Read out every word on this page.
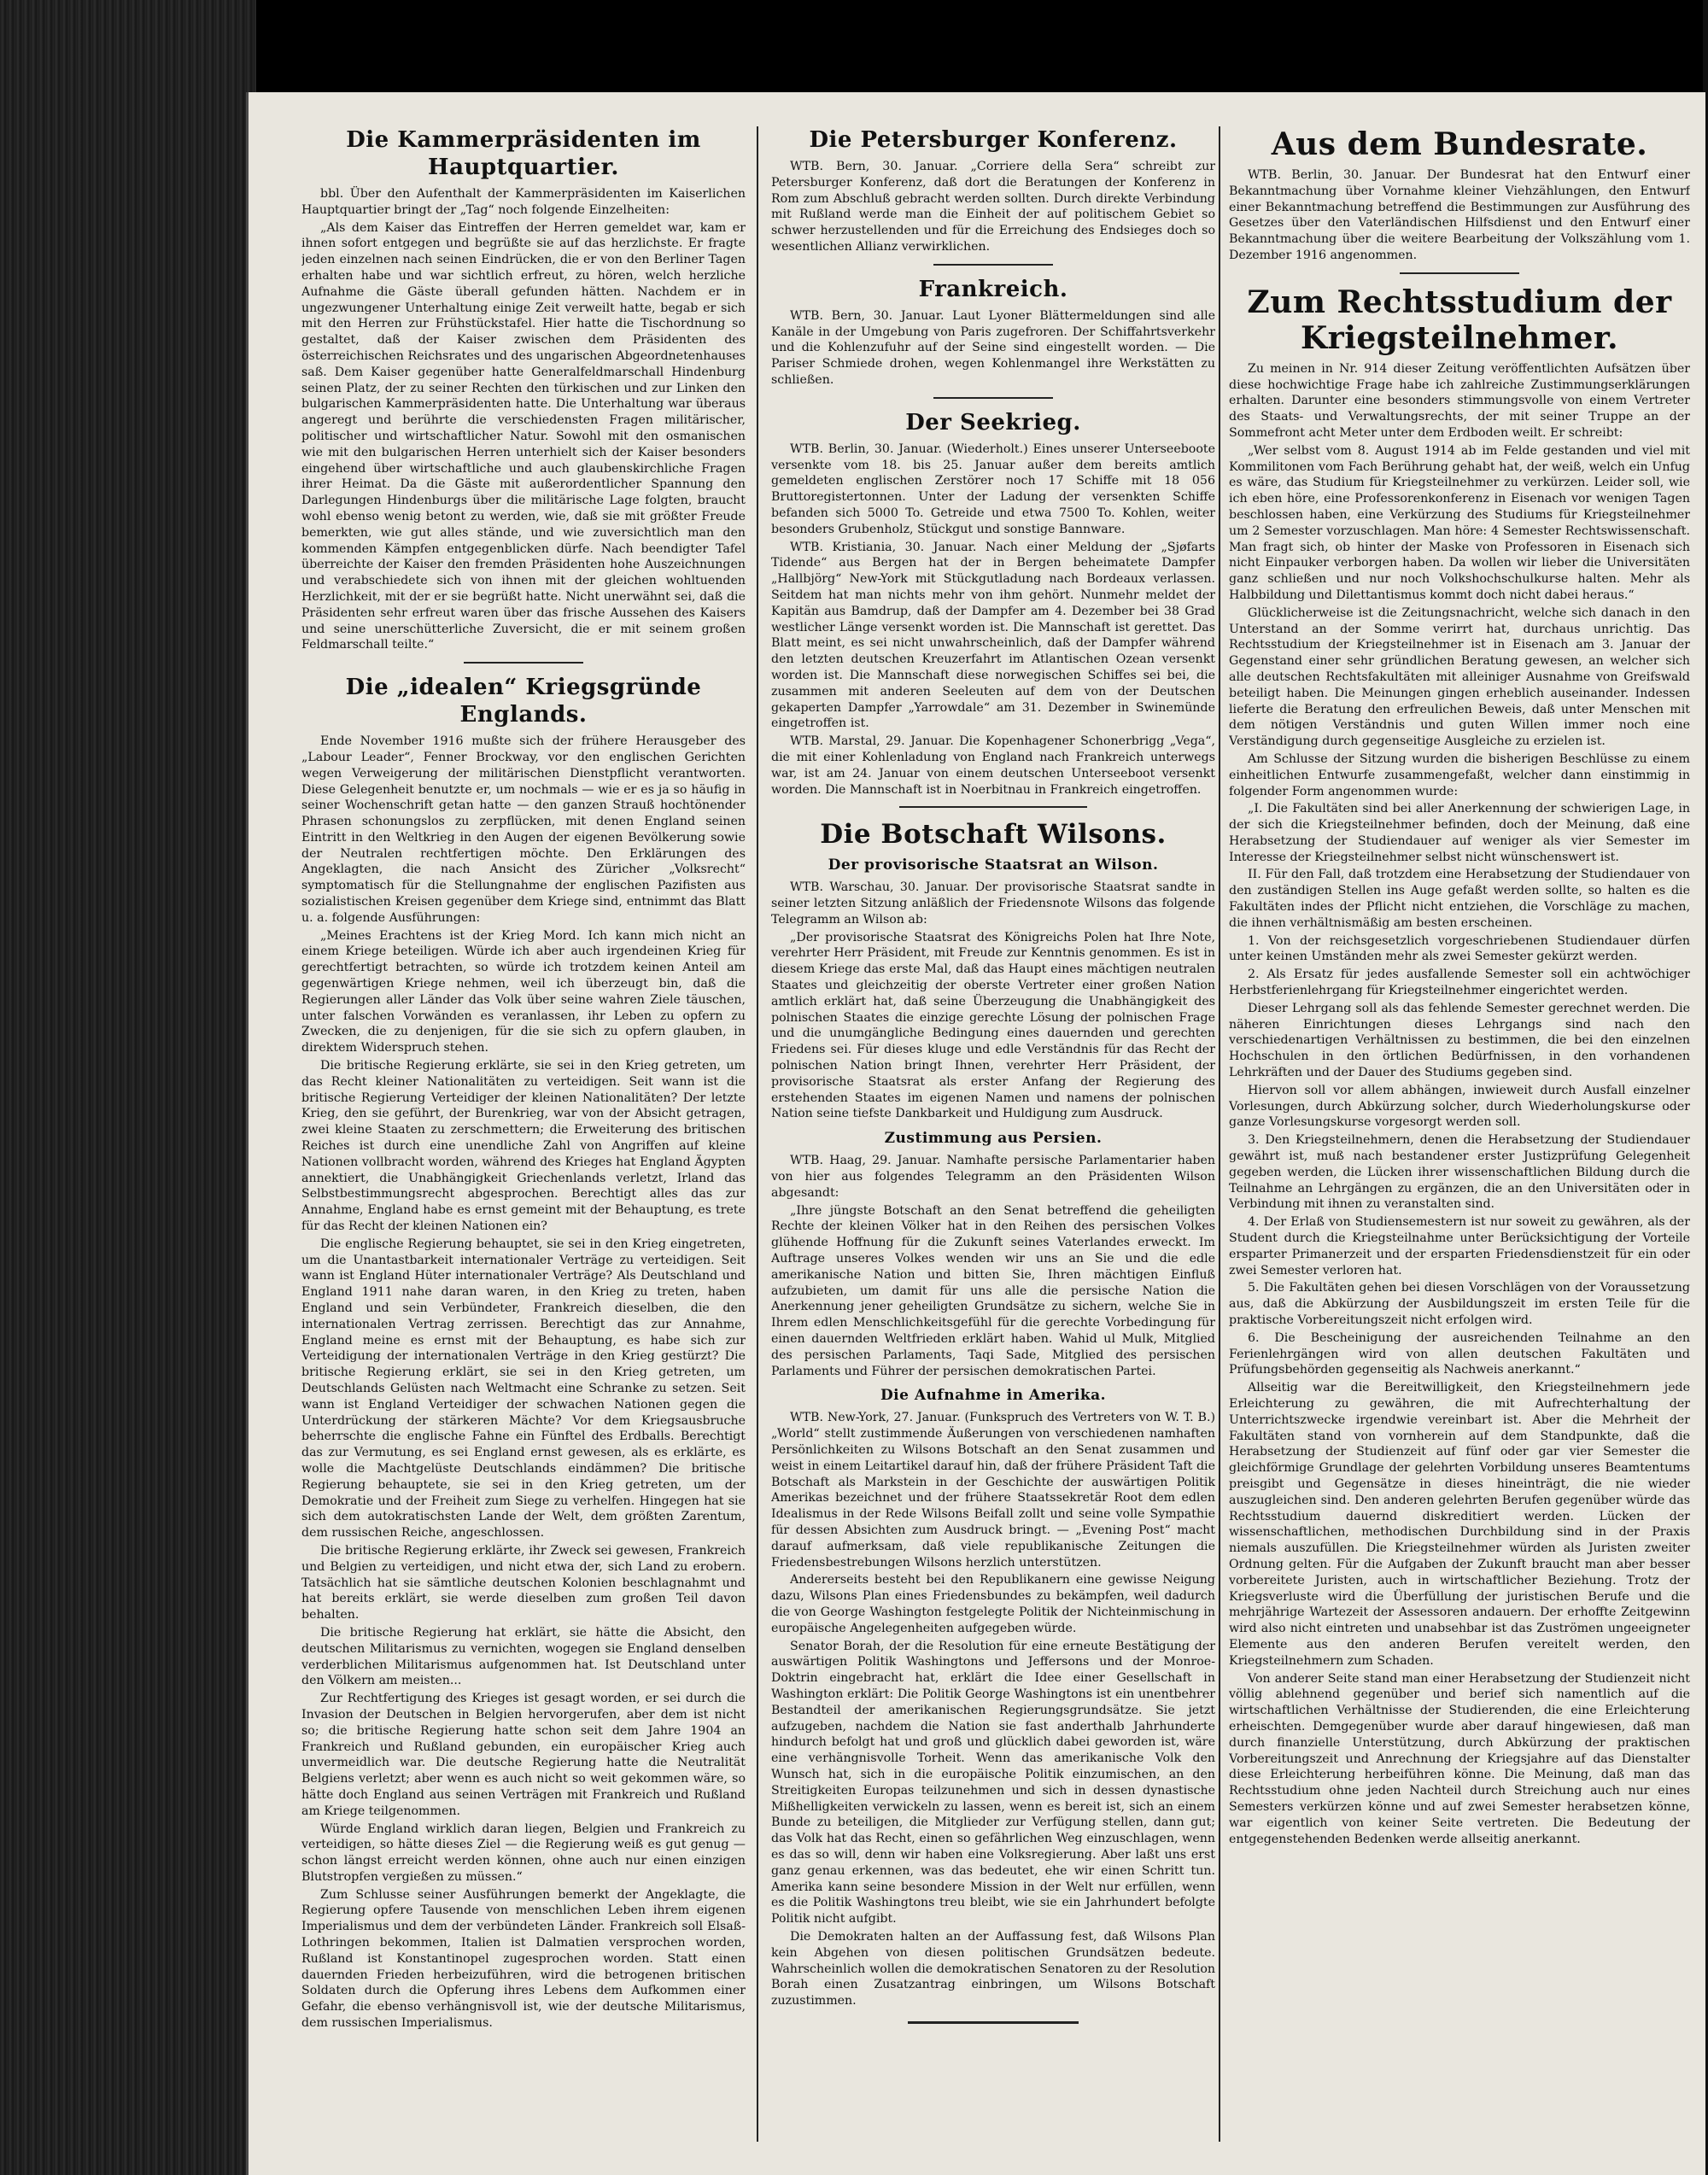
Die Kammerpräsidenten im Hauptquartier.

bbl. Über den Aufenthalt der Kammerpräsidenten im Kaiserlichen Hauptquartier bringt der „Tag“ noch folgende Einzelheiten:

„Als dem Kaiser das Eintreffen der Herren gemeldet war, kam er ihnen sofort entgegen und begrüßte sie auf das herzlichste. Er fragte jeden einzelnen nach seinen Eindrücken, die er von den Berliner Tagen erhalten habe und war sichtlich erfreut, zu hören, welch herzliche Aufnahme die Gäste überall gefunden hätten. Nachdem er in ungezwungener Unterhaltung einige Zeit verweilt hatte, begab er sich mit den Herren zur Frühstückstafel. Hier hatte die Tischordnung so gestaltet, daß der Kaiser zwischen dem Präsidenten des österreichischen Reichsrates und des ungarischen Abgeordnetenhauses saß. Dem Kaiser gegenüber hatte Generalfeldmarschall Hindenburg seinen Platz, der zu seiner Rechten den türkischen und zur Linken den bulgarischen Kammerpräsidenten hatte. Die Unterhaltung war überaus angeregt und berührte die verschiedensten Fragen militärischer, politischer und wirtschaftlicher Natur. Sowohl mit den osmanischen wie mit den bulgarischen Herren unterhielt sich der Kaiser besonders eingehend über wirtschaftliche und auch glaubenskirchliche Fragen ihrer Heimat. Da die Gäste mit außerordentlicher Spannung den Darlegungen Hindenburgs über die militärische Lage folgten, braucht wohl ebenso wenig betont zu werden, wie, daß sie mit größter Freude bemerkten, wie gut alles stände, und wie zuversichtlich man den kommenden Kämpfen entgegenblicken dürfe. Nach beendigter Tafel überreichte der Kaiser den fremden Präsidenten hohe Auszeichnungen und verabschiedete sich von ihnen mit der gleichen wohltuenden Herzlichkeit, mit der er sie begrüßt hatte. Nicht unerwähnt sei, daß die Präsidenten sehr erfreut waren über das frische Aussehen des Kaisers und seine unerschütterliche Zuversicht, die er mit seinem großen Feldmarschall teilte.“

Die „idealen“ Kriegsgründe Englands.

Ende November 1916 mußte sich der frühere Herausgeber des „Labour Leader“, Fenner Brockway, vor den englischen Gerichten wegen Verweigerung der militärischen Dienstpflicht verantworten. Diese Gelegenheit benutzte er, um nochmals — wie er es ja so häufig in seiner Wochenschrift getan hatte — den ganzen Strauß hochtönender Phrasen schonungslos zu zerpflücken, mit denen England seinen Eintritt in den Weltkrieg in den Augen der eigenen Bevölkerung sowie der Neutralen rechtfertigen möchte. Den Erklärungen des Angeklagten, die nach Ansicht des Züricher „Volksrecht“ symptomatisch für die Stellungnahme der englischen Pazifisten aus sozialistischen Kreisen gegenüber dem Kriege sind, entnimmt das Blatt u. a. folgende Ausführungen:

„Meines Erachtens ist der Krieg Mord. Ich kann mich nicht an einem Kriege beteiligen. Würde ich aber auch irgendeinen Krieg für gerechtfertigt betrachten, so würde ich trotzdem keinen Anteil am gegenwärtigen Kriege nehmen, weil ich überzeugt bin, daß die Regierungen aller Länder das Volk über seine wahren Ziele täuschen, unter falschen Vorwänden es veranlassen, ihr Leben zu opfern zu Zwecken, die zu denjenigen, für die sie sich zu opfern glauben, in direktem Widerspruch stehen.

Die britische Regierung erklärte, sie sei in den Krieg getreten, um das Recht kleiner Nationalitäten zu verteidigen. Seit wann ist die britische Regierung Verteidiger der kleinen Nationalitäten? Der letzte Krieg, den sie geführt, der Burenkrieg, war von der Absicht getragen, zwei kleine Staaten zu zerschmettern; die Erweiterung des britischen Reiches ist durch eine unendliche Zahl von Angriffen auf kleine Nationen vollbracht worden, während des Krieges hat England Ägypten annektiert, die Unabhängigkeit Griechenlands verletzt, Irland das Selbstbestimmungsrecht abgesprochen. Berechtigt alles das zur Annahme, England habe es ernst gemeint mit der Behauptung, es trete für das Recht der kleinen Nationen ein?

Die englische Regierung behauptet, sie sei in den Krieg eingetreten, um die Unantastbarkeit internationaler Verträge zu verteidigen. Seit wann ist England Hüter internationaler Verträge? Als Deutschland und England 1911 nahe daran waren, in den Krieg zu treten, haben England und sein Verbündeter, Frankreich dieselben, die den internationalen Vertrag zerrissen. Berechtigt das zur Annahme, England meine es ernst mit der Behauptung, es habe sich zur Verteidigung der internationalen Verträge in den Krieg gestürzt? Die britische Regierung erklärt, sie sei in den Krieg getreten, um Deutschlands Gelüsten nach Weltmacht eine Schranke zu setzen. Seit wann ist England Verteidiger der schwachen Nationen gegen die Unterdrückung der stärkeren Mächte? Vor dem Kriegsausbruche beherrschte die englische Fahne ein Fünftel des Erdballs. Berechtigt das zur Vermutung, es sei England ernst gewesen, als es erklärte, es wolle die Machtgelüste Deutschlands eindämmen? Die britische Regierung behauptete, sie sei in den Krieg getreten, um der Demokratie und der Freiheit zum Siege zu verhelfen. Hingegen hat sie sich dem autokratischsten Lande der Welt, dem größten Zarentum, dem russischen Reiche, angeschlossen.

Die britische Regierung erklärte, ihr Zweck sei gewesen, Frankreich und Belgien zu verteidigen, und nicht etwa der, sich Land zu erobern. Tatsächlich hat sie sämtliche deutschen Kolonien beschlagnahmt und hat bereits erklärt, sie werde dieselben zum großen Teil davon behalten.

Die britische Regierung hat erklärt, sie hätte die Absicht, den deutschen Militarismus zu vernichten, wogegen sie England denselben verderblichen Militarismus aufgenommen hat. Ist Deutschland unter den Völkern am meisten...

Zur Rechtfertigung des Krieges ist gesagt worden, er sei durch die Invasion der Deutschen in Belgien hervorgerufen, aber dem ist nicht so; die britische Regierung hatte schon seit dem Jahre 1904 an Frankreich und Rußland gebunden, ein europäischer Krieg auch unvermeidlich war. Die deutsche Regierung hatte die Neutralität Belgiens verletzt; aber wenn es auch nicht so weit gekommen wäre, so hätte doch England aus seinen Verträgen mit Frankreich und Rußland am Kriege teilgenommen.

Würde England wirklich daran liegen, Belgien und Frankreich zu verteidigen, so hätte dieses Ziel — die Regierung weiß es gut genug — schon längst erreicht werden können, ohne auch nur einen einzigen Blutstropfen vergießen zu müssen.“

Zum Schlusse seiner Ausführungen bemerkt der Angeklagte, die Regierung opfere Tausende von menschlichen Leben ihrem eigenen Imperialismus und dem der verbündeten Länder. Frankreich soll Elsaß-Lothringen bekommen, Italien ist Dalmatien versprochen worden, Rußland ist Konstantinopel zugesprochen worden. Statt einen dauernden Frieden herbeizuführen, wird die betrogenen britischen Soldaten durch die Opferung ihres Lebens dem Aufkommen einer Gefahr, die ebenso verhängnisvoll ist, wie der deutsche Militarismus, dem russischen Imperialismus.

Die Petersburger Konferenz.

WTB. Bern, 30. Januar. „Corriere della Sera“ schreibt zur Petersburger Konferenz, daß dort die Beratungen der Konferenz in Rom zum Abschluß gebracht werden sollten. Durch direkte Verbindung mit Rußland werde man die Einheit der auf politischem Gebiet so schwer herzustellenden und für die Erreichung des Endsieges doch so wesentlichen Allianz verwirklichen.

Frankreich.

WTB. Bern, 30. Januar. Laut Lyoner Blättermeldungen sind alle Kanäle in der Umgebung von Paris zugefroren. Der Schiffahrtsverkehr und die Kohlenzufuhr auf der Seine sind eingestellt worden. — Die Pariser Schmiede drohen, wegen Kohlenmangel ihre Werkstätten zu schließen.

Der Seekrieg.

WTB. Berlin, 30. Januar. (Wiederholt.) Eines unserer Unterseeboote versenkte vom 18. bis 25. Januar außer dem bereits amtlich gemeldeten englischen Zerstörer noch 17 Schiffe mit 18 056 Bruttoregistertonnen. Unter der Ladung der versenkten Schiffe befanden sich 5000 To. Getreide und etwa 7500 To. Kohlen, weiter besonders Grubenholz, Stückgut und sonstige Bannware.

WTB. Kristiania, 30. Januar. Nach einer Meldung der „Sjøfarts Tidende“ aus Bergen hat der in Bergen beheimatete Dampfer „Hallbjörg“ New-York mit Stückgutladung nach Bordeaux verlassen. Seitdem hat man nichts mehr von ihm gehört. Nunmehr meldet der Kapitän aus Bamdrup, daß der Dampfer am 4. Dezember bei 38 Grad westlicher Länge versenkt worden ist. Die Mannschaft ist gerettet. Das Blatt meint, es sei nicht unwahrscheinlich, daß der Dampfer während den letzten deutschen Kreuzerfahrt im Atlantischen Ozean versenkt worden ist. Die Mannschaft diese norwegischen Schiffes sei bei, die zusammen mit anderen Seeleuten auf dem von der Deutschen gekaperten Dampfer „Yarrowdale“ am 31. Dezember in Swinemünde eingetroffen ist.

WTB. Marstal, 29. Januar. Die Kopenhagener Schonerbrigg „Vega“, die mit einer Kohlenladung von England nach Frankreich unterwegs war, ist am 24. Januar von einem deutschen Unterseeboot versenkt worden. Die Mannschaft ist in Noerbitnau in Frankreich eingetroffen.

Die Botschaft Wilsons.
Der provisorische Staatsrat an Wilson.

WTB. Warschau, 30. Januar. Der provisorische Staatsrat sandte in seiner letzten Sitzung anläßlich der Friedensnote Wilsons das folgende Telegramm an Wilson ab:

„Der provisorische Staatsrat des Königreichs Polen hat Ihre Note, verehrter Herr Präsident, mit Freude zur Kenntnis genommen. Es ist in diesem Kriege das erste Mal, daß das Haupt eines mächtigen neutralen Staates und gleichzeitig der oberste Vertreter einer großen Nation amtlich erklärt hat, daß seine Überzeugung die Unabhängigkeit des polnischen Staates die einzige gerechte Lösung der polnischen Frage und die unumgängliche Bedingung eines dauernden und gerechten Friedens sei. Für dieses kluge und edle Verständnis für das Recht der polnischen Nation bringt Ihnen, verehrter Herr Präsident, der provisorische Staatsrat als erster Anfang der Regierung des erstehenden Staates im eigenen Namen und namens der polnischen Nation seine tiefste Dankbarkeit und Huldigung zum Ausdruck.

Zustimmung aus Persien.

WTB. Haag, 29. Januar. Namhafte persische Parlamentarier haben von hier aus folgendes Telegramm an den Präsidenten Wilson abgesandt:

„Ihre jüngste Botschaft an den Senat betreffend die geheiligten Rechte der kleinen Völker hat in den Reihen des persischen Volkes glühende Hoffnung für die Zukunft seines Vaterlandes erweckt. Im Auftrage unseres Volkes wenden wir uns an Sie und die edle amerikanische Nation und bitten Sie, Ihren mächtigen Einfluß aufzubieten, um damit für uns alle die persische Nation die Anerkennung jener geheiligten Grundsätze zu sichern, welche Sie in Ihrem edlen Menschlichkeitsgefühl für die gerechte Vorbedingung für einen dauernden Weltfrieden erklärt haben. Wahid ul Mulk, Mitglied des persischen Parlaments, Taqi Sade, Mitglied des persischen Parlaments und Führer der persischen demokratischen Partei.

Die Aufnahme in Amerika.

WTB. New-York, 27. Januar. (Funkspruch des Vertreters von W. T. B.) „World“ stellt zustimmende Äußerungen von verschiedenen namhaften Persönlichkeiten zu Wilsons Botschaft an den Senat zusammen und weist in einem Leitartikel darauf hin, daß der frühere Präsident Taft die Botschaft als Markstein in der Geschichte der auswärtigen Politik Amerikas bezeichnet und der frühere Staatssekretär Root dem edlen Idealismus in der Rede Wilsons Beifall zollt und seine volle Sympathie für dessen Absichten zum Ausdruck bringt. — „Evening Post“ macht darauf aufmerksam, daß viele republikanische Zeitungen die Friedensbestrebungen Wilsons herzlich unterstützen.

Andererseits besteht bei den Republikanern eine gewisse Neigung dazu, Wilsons Plan eines Friedensbundes zu bekämpfen, weil dadurch die von George Washington festgelegte Politik der Nichteinmischung in europäische Angelegenheiten aufgegeben würde.

Senator Borah, der die Resolution für eine erneute Bestätigung der auswärtigen Politik Washingtons und Jeffersons und der Monroe-Doktrin eingebracht hat, erklärt die Idee einer Gesellschaft in Washington erklärt: Die Politik George Washingtons ist ein unentbehrer Bestandteil der amerikanischen Regierungsgrundsätze. Sie jetzt aufzugeben, nachdem die Nation sie fast anderthalb Jahrhunderte hindurch befolgt hat und groß und glücklich dabei geworden ist, wäre eine verhängnisvolle Torheit. Wenn das amerikanische Volk den Wunsch hat, sich in die europäische Politik einzumischen, an den Streitigkeiten Europas teilzunehmen und sich in dessen dynastische Mißhelligkeiten verwickeln zu lassen, wenn es bereit ist, sich an einem Bunde zu beteiligen, die Mitglieder zur Verfügung stellen, dann gut; das Volk hat das Recht, einen so gefährlichen Weg einzuschlagen, wenn es das so will, denn wir haben eine Volksregierung. Aber laßt uns erst ganz genau erkennen, was das bedeutet, ehe wir einen Schritt tun. Amerika kann seine besondere Mission in der Welt nur erfüllen, wenn es die Politik Washingtons treu bleibt, wie sie ein Jahrhundert befolgte Politik nicht aufgibt.

Die Demokraten halten an der Auffassung fest, daß Wilsons Plan kein Abgehen von diesen politischen Grundsätzen bedeute. Wahrscheinlich wollen die demokratischen Senatoren zu der Resolution Borah einen Zusatzantrag einbringen, um Wilsons Botschaft zuzustimmen.

Aus dem Bundesrate.

WTB. Berlin, 30. Januar. Der Bundesrat hat den Entwurf einer Bekanntmachung über Vornahme kleiner Viehzählungen, den Entwurf einer Bekanntmachung betreffend die Bestimmungen zur Ausführung des Gesetzes über den Vaterländischen Hilfsdienst und den Entwurf einer Bekanntmachung über die weitere Bearbeitung der Volkszählung vom 1. Dezember 1916 angenommen.

Zum Rechtsstudium der Kriegsteilnehmer.

Zu meinen in Nr. 914 dieser Zeitung veröffentlichten Aufsätzen über diese hochwichtige Frage habe ich zahlreiche Zustimmungserklärungen erhalten. Darunter eine besonders stimmungsvolle von einem Vertreter des Staats- und Verwaltungsrechts, der mit seiner Truppe an der Sommefront acht Meter unter dem Erdboden weilt. Er schreibt:

„Wer selbst vom 8. August 1914 ab im Felde gestanden und viel mit Kommilitonen vom Fach Berührung gehabt hat, der weiß, welch ein Unfug es wäre, das Studium für Kriegsteilnehmer zu verkürzen. Leider soll, wie ich eben höre, eine Professorenkonferenz in Eisenach vor wenigen Tagen beschlossen haben, eine Verkürzung des Studiums für Kriegsteilnehmer um 2 Semester vorzuschlagen. Man höre: 4 Semester Rechtswissenschaft. Man fragt sich, ob hinter der Maske von Professoren in Eisenach sich nicht Einpauker verborgen haben. Da wollen wir lieber die Universitäten ganz schließen und nur noch Volkshochschulkurse halten. Mehr als Halbbildung und Dilettantismus kommt doch nicht dabei heraus.“

Glücklicherweise ist die Zeitungsnachricht, welche sich danach in den Unterstand an der Somme verirrt hat, durchaus unrichtig. Das Rechtsstudium der Kriegsteilnehmer ist in Eisenach am 3. Januar der Gegenstand einer sehr gründlichen Beratung gewesen, an welcher sich alle deutschen Rechtsfakultäten mit alleiniger Ausnahme von Greifswald beteiligt haben. Die Meinungen gingen erheblich auseinander. Indessen lieferte die Beratung den erfreulichen Beweis, daß unter Menschen mit dem nötigen Verständnis und guten Willen immer noch eine Verständigung durch gegenseitige Ausgleiche zu erzielen ist.

Am Schlusse der Sitzung wurden die bisherigen Beschlüsse zu einem einheitlichen Entwurfe zusammengefaßt, welcher dann einstimmig in folgender Form angenommen wurde:

„I. Die Fakultäten sind bei aller Anerkennung der schwierigen Lage, in der sich die Kriegsteilnehmer befinden, doch der Meinung, daß eine Herabsetzung der Studiendauer auf weniger als vier Semester im Interesse der Kriegsteilnehmer selbst nicht wünschenswert ist.

II. Für den Fall, daß trotzdem eine Herabsetzung der Studiendauer von den zuständigen Stellen ins Auge gefaßt werden sollte, so halten es die Fakultäten indes der Pflicht nicht entziehen, die Vorschläge zu machen, die ihnen verhältnismäßig am besten erscheinen.

1. Von der reichsgesetzlich vorgeschriebenen Studiendauer dürfen unter keinen Umständen mehr als zwei Semester gekürzt werden.

2. Als Ersatz für jedes ausfallende Semester soll ein achtwöchiger Herbstferienlehrgang für Kriegsteilnehmer eingerichtet werden.

Dieser Lehrgang soll als das fehlende Semester gerechnet werden. Die näheren Einrichtungen dieses Lehrgangs sind nach den verschiedenartigen Verhältnissen zu bestimmen, die bei den einzelnen Hochschulen in den örtlichen Bedürfnissen, in den vorhandenen Lehrkräften und der Dauer des Studiums gegeben sind.

Hiervon soll vor allem abhängen, inwieweit durch Ausfall einzelner Vorlesungen, durch Abkürzung solcher, durch Wiederholungskurse oder ganze Vorlesungskurse vorgesorgt werden soll.

3. Den Kriegsteilnehmern, denen die Herabsetzung der Studiendauer gewährt ist, muß nach bestandener erster Justizprüfung Gelegenheit gegeben werden, die Lücken ihrer wissenschaftlichen Bildung durch die Teilnahme an Lehrgängen zu ergänzen, die an den Universitäten oder in Verbindung mit ihnen zu veranstalten sind.

4. Der Erlaß von Studiensemestern ist nur soweit zu gewähren, als der Student durch die Kriegsteilnahme unter Berücksichtigung der Vorteile ersparter Primanerzeit und der ersparten Friedensdienstzeit für ein oder zwei Semester verloren hat.

5. Die Fakultäten gehen bei diesen Vorschlägen von der Voraussetzung aus, daß die Abkürzung der Ausbildungszeit im ersten Teile für die praktische Vorbereitungszeit nicht erfolgen wird.

6. Die Bescheinigung der ausreichenden Teilnahme an den Ferienlehrgängen wird von allen deutschen Fakultäten und Prüfungsbehörden gegenseitig als Nachweis anerkannt.“

Allseitig war die Bereitwilligkeit, den Kriegsteilnehmern jede Erleichterung zu gewähren, die mit Aufrechterhaltung der Unterrichtszwecke irgendwie vereinbart ist. Aber die Mehrheit der Fakultäten stand von vornherein auf dem Standpunkte, daß die Herabsetzung der Studienzeit auf fünf oder gar vier Semester die gleichförmige Grundlage der gelehrten Vorbildung unseres Beamtentums preisgibt und Gegensätze in dieses hineinträgt, die nie wieder auszugleichen sind. Den anderen gelehrten Berufen gegenüber würde das Rechtsstudium dauernd diskreditiert werden. Lücken der wissenschaftlichen, methodischen Durchbildung sind in der Praxis niemals auszufüllen. Die Kriegsteilnehmer würden als Juristen zweiter Ordnung gelten. Für die Aufgaben der Zukunft braucht man aber besser vorbereitete Juristen, auch in wirtschaftlicher Beziehung. Trotz der Kriegsverluste wird die Überfüllung der juristischen Berufe und die mehrjährige Wartezeit der Assessoren andauern. Der erhoffte Zeitgewinn wird also nicht eintreten und unabsehbar ist das Zuströmen ungeeigneter Elemente aus den anderen Berufen vereitelt werden, den Kriegsteilnehmern zum Schaden.

Von anderer Seite stand man einer Herabsetzung der Studienzeit nicht völlig ablehnend gegenüber und berief sich namentlich auf die wirtschaftlichen Verhältnisse der Studierenden, die eine Erleichterung erheischten. Demgegenüber wurde aber darauf hingewiesen, daß man durch finanzielle Unterstützung, durch Abkürzung der praktischen Vorbereitungszeit und Anrechnung der Kriegsjahre auf das Dienstalter diese Erleichterung herbeiführen könne. Die Meinung, daß man das Rechtsstudium ohne jeden Nachteil durch Streichung auch nur eines Semesters verkürzen könne und auf zwei Semester herabsetzen könne, war eigentlich von keiner Seite vertreten. Die Bedeutung der entgegenstehenden Bedenken werde allseitig anerkannt.
